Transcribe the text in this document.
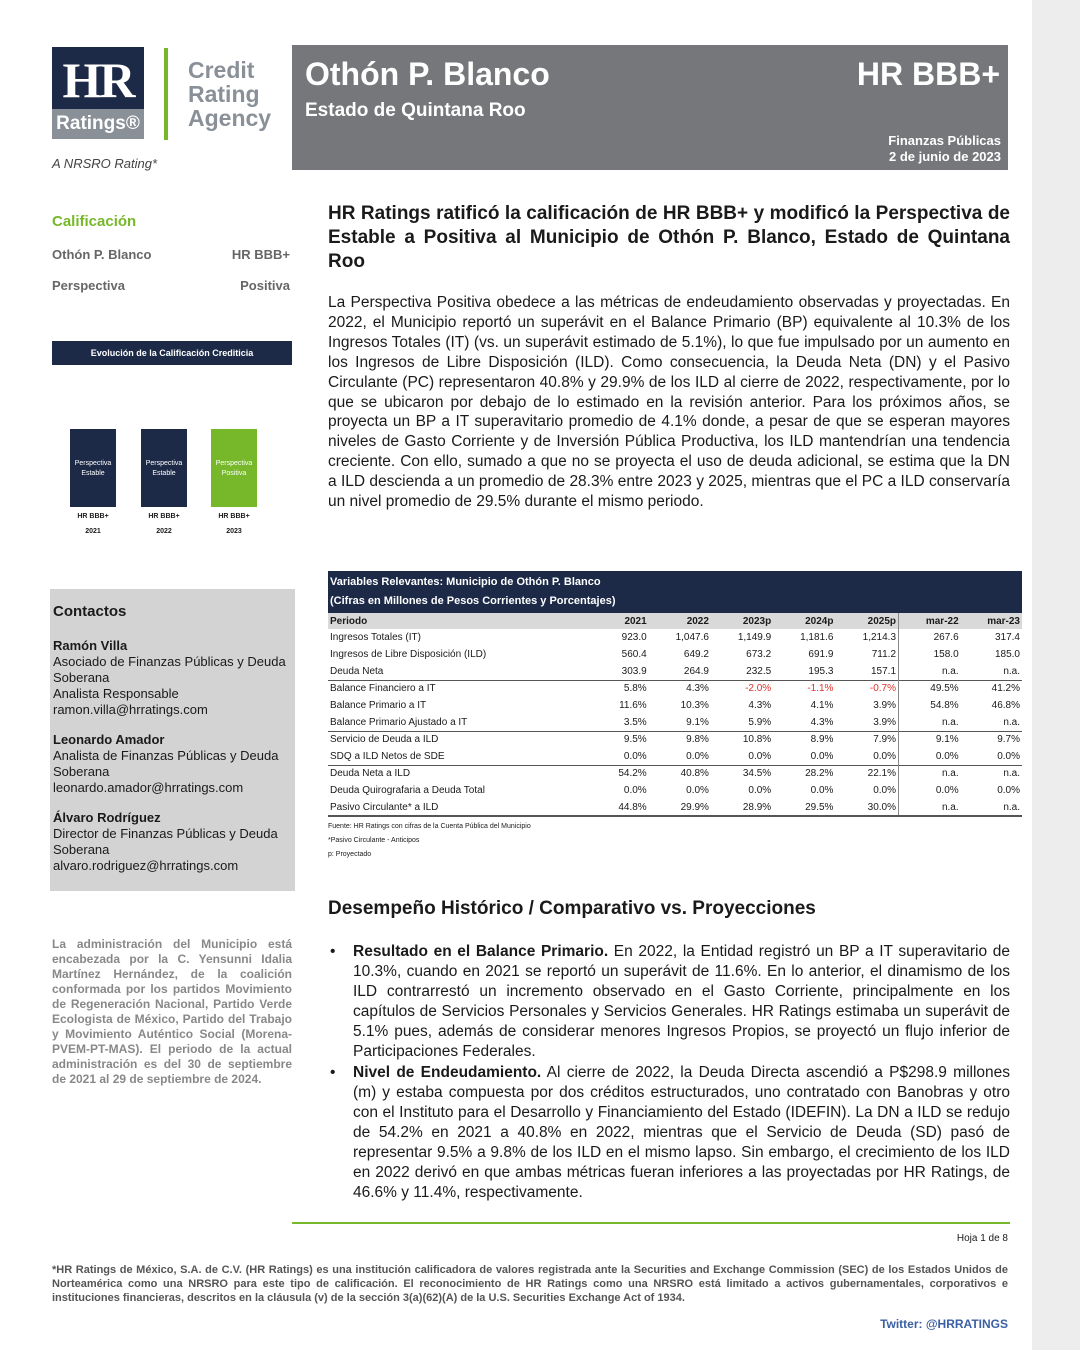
HR
Ratings®
Credit
Rating
Agency
A NRSRO Rating*
Othón P. Blanco
Estado de Quintana Roo
HR BBB+
Finanzas Públicas
2 de junio de 2023
Calificación
Othón P. Blanco	HR BBB+
Perspectiva	Positiva
Evolución de la Calificación Crediticia
Perspectiva Estable
Perspectiva Estable
Perspectiva Positiva
HR BBB+	HR BBB+	HR BBB+
2021	2022	2023
Contactos
Ramón Villa
Asociado de Finanzas Públicas y Deuda Soberana
Analista Responsable
ramon.villa@hrratings.com
Leonardo Amador
Analista de Finanzas Públicas y Deuda Soberana
leonardo.amador@hrratings.com
Álvaro Rodríguez
Director de Finanzas Públicas y Deuda Soberana
alvaro.rodriguez@hrratings.com
La administración del Municipio está encabezada por la C. Yensunni Idalia Martínez Hernández, de la coalición conformada por los partidos Movimiento de Regeneración Nacional, Partido Verde Ecologista de México, Partido del Trabajo y Movimiento Auténtico Social (Morena-PVEM-PT-MAS). El periodo de la actual administración es del 30 de septiembre de 2021 al 29 de septiembre de 2024.
HR Ratings ratificó la calificación de HR BBB+ y modificó la Perspectiva de Estable a Positiva al Municipio de Othón P. Blanco, Estado de Quintana Roo
La Perspectiva Positiva obedece a las métricas de endeudamiento observadas y proyectadas. En 2022, el Municipio reportó un superávit en el Balance Primario (BP) equivalente al 10.3% de los Ingresos Totales (IT) (vs. un superávit estimado de 5.1%), lo que fue impulsado por un aumento en los Ingresos de Libre Disposición (ILD). Como consecuencia, la Deuda Neta (DN) y el Pasivo Circulante (PC) representaron 40.8% y 29.9% de los ILD al cierre de 2022, respectivamente, por lo que se ubicaron por debajo de lo estimado en la revisión anterior. Para los próximos años, se proyecta un BP a IT superavitario promedio de 4.1% donde, a pesar de que se esperan mayores niveles de Gasto Corriente y de Inversión Pública Productiva, los ILD mantendrían una tendencia creciente. Con ello, sumado a que no se proyecta el uso de deuda adicional, se estima que la DN a ILD descienda a un promedio de 28.3% entre 2023 y 2025, mientras que el PC a ILD conservaría un nivel promedio de 29.5% durante el mismo periodo.
Variables Relevantes: Municipio de Othón P. Blanco
(Cifras en Millones de Pesos Corrientes y Porcentajes)
Periodo	2021	2022	2023p	2024p	2025p	mar-22	mar-23
Ingresos Totales (IT)	923.0	1,047.6	1,149.9	1,181.6	1,214.3	267.6	317.4
Ingresos de Libre Disposición (ILD)	560.4	649.2	673.2	691.9	711.2	158.0	185.0
Deuda Neta	303.9	264.9	232.5	195.3	157.1	n.a.	n.a.
Balance Financiero a IT	5.8%	4.3%	-2.0%	-1.1%	-0.7%	49.5%	41.2%
Balance Primario a IT	11.6%	10.3%	4.3%	4.1%	3.9%	54.8%	46.8%
Balance Primario Ajustado a IT	3.5%	9.1%	5.9%	4.3%	3.9%	n.a.	n.a.
Servicio de Deuda a ILD	9.5%	9.8%	10.8%	8.9%	7.9%	9.1%	9.7%
SDQ a ILD Netos de SDE	0.0%	0.0%	0.0%	0.0%	0.0%	0.0%	0.0%
Deuda Neta a ILD	54.2%	40.8%	34.5%	28.2%	22.1%	n.a.	n.a.
Deuda Quirografaria a Deuda Total	0.0%	0.0%	0.0%	0.0%	0.0%	0.0%	0.0%
Pasivo Circulante* a ILD	44.8%	29.9%	28.9%	29.5%	30.0%	n.a.	n.a.
Fuente: HR Ratings con cifras de la Cuenta Pública del Municipio
*Pasivo Circulante - Anticipos
p: Proyectado
Desempeño Histórico / Comparativo vs. Proyecciones
• Resultado en el Balance Primario. En 2022, la Entidad registró un BP a IT superavitario de 10.3%, cuando en 2021 se reportó un superávit de 11.6%. En lo anterior, el dinamismo de los ILD contrarrestó un incremento observado en el Gasto Corriente, principalmente en los capítulos de Servicios Personales y Servicios Generales. HR Ratings estimaba un superávit de 5.1% pues, además de considerar menores Ingresos Propios, se proyectó un flujo inferior de Participaciones Federales.
• Nivel de Endeudamiento. Al cierre de 2022, la Deuda Directa ascendió a P$298.9 millones (m) y estaba compuesta por dos créditos estructurados, uno contratado con Banobras y otro con el Instituto para el Desarrollo y Financiamiento del Estado (IDEFIN). La DN a ILD se redujo de 54.2% en 2021 a 40.8% en 2022, mientras que el Servicio de Deuda (SD) pasó de representar 9.5% a 9.8% de los ILD en el mismo lapso. Sin embargo, el crecimiento de los ILD en 2022 derivó en que ambas métricas fueran inferiores a las proyectadas por HR Ratings, de 46.6% y 11.4%, respectivamente.
Hoja 1 de 8
*HR Ratings de México, S.A. de C.V. (HR Ratings) es una institución calificadora de valores registrada ante la Securities and Exchange Commission (SEC) de los Estados Unidos de Norteamérica como una NRSRO para este tipo de calificación. El reconocimiento de HR Ratings como una NRSRO está limitado a activos gubernamentales, corporativos e instituciones financieras, descritos en la cláusula (v) de la sección 3(a)(62)(A) de la U.S. Securities Exchange Act of 1934.
Twitter: @HRRATINGS
